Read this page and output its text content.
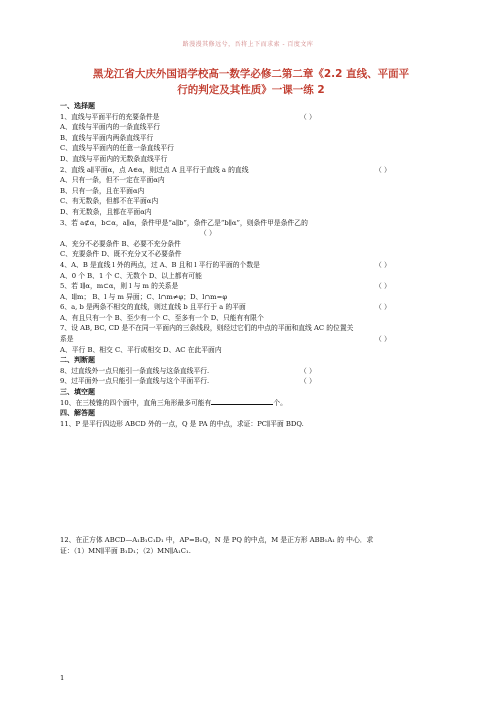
路漫漫其修远兮，吾将上下而求索 - 百度文库
黑龙江省大庆外国语学校高一数学必修二第二章《2.2 直线、平面平
行的判定及其性质》一课一练 2
一、选择题
1、直线与平面平行的充要条件是	（ ）
A、直线与平面内的一条直线平行
B、直线与平面内两条直线平行
C、直线与平面内的任意一条直线平行
D、直线与平面内的无数条直线平行
2、直线 a∥平面α，点 A∈α，则过点 A 且平行于直线 a 的直线	（ ）
A、只有一条，但不一定在平面α内
B、只有一条，且在平面α内
C、有无数条，但都不在平面α内
D、有无数条，且都在平面α内
3、若 a⊄α，b⊂α，a∥α，条件甲是“a∥b”，条件乙是“b∥α”，则条件甲是条件乙的
（ ）
A、充分不必要条件 B、必要不充分条件
C、充要条件 D、既不充分又不必要条件
4、A、B 是直线 l 外的两点，过 A、B 且和 l 平行的平面的个数是	（ ）
A、0 个 B、1 个 C、无数个 D、以上都有可能
5、若 l∥α，m⊂α，则 l 与 m 的关系是	（ ）
A、l∥m； B、l 与 m 异面；C、l∩m≠φ；D、l∩m=φ
6、a, b 是两条不相交的直线，则过直线 b 且平行于 a 的平面	（ ）
A、有且只有一个 B、至少有一个 C、至多有一个 D、只能有有限个
7、设 AB, BC, CD 是不在同一平面内的三条线段，则经过它们的中点的平面和直线 AC 的位置关
系是	（ ）
A、平行 B、相交 C、平行或相交 D、AC 在此平面内
二、判断题
8、过直线外一点只能引一条直线与这条直线平行.	（ ）
9、过平面外一点只能引一条直线与这个平面平行.	（ ）
三、填空题
10、在三棱锥的四个面中，直角三角形最多可能有	个。
四、解答题
11、P 是平行四边形 ABCD 外的一点，Q 是 PA 的中点，求证：PC∥平面 BDQ.
12、在正方体 ABCD—A₁B₁C₁D₁ 中，AP=B₁Q，N 是 PQ 的中点，M 是正方形 ABB₁A₁ 的 中心．求
证：（1）MN∥平面 B₁D₁；（2）MN∥A₁C₁.
1
